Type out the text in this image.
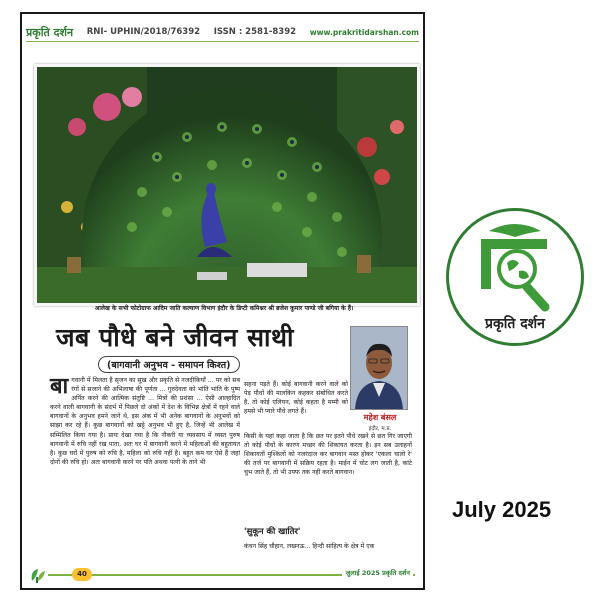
प्रकृति दर्शन RNI- UPHIN/2018/76392 ISSN : 2581-8392 www.prakritidarshan.com
आलेख के सभी फोटोग्राफ आदिम जाति कल्याण विभाग इंदौर के डिप्टी कमिश्नर श्री ब्रजेश कुमार पाण्डे जी बगिया के हैं।
जब पौधे बने जीवन साथी
(बागवानी अनुभव - समापन किश्त)
महेश बंसल
इंदौर, म.प्र.
बा गवानी में मिलता है सृजन का सुख और प्रकृति से नजदीकियाँ ... पर को सब रंगों से सजाने की अभिलाषा की पूर्णता ... गुरुदेवता को भांति भांति के पुष्प अर्पित करने की आत्मिक संतुष्टि ... मित्रों की प्रशंसा ... ऐसी आल्हादित करने वाली बागवानी के संदर्भ में पिछले दो अंकों में देश के विभिन्न क्षेत्रों में रहने वाले बागवानों के अनुभव हमने जाने थे, इस अंक में भी अनेक बागवानों के अनुभवों को साझा कर रहे हैं। कुछ बागवानों को खट्टे अनुभव भी हुए है, जिन्हें भी आलेख में सम्मिलित किया गया है। प्रायः देखा गया है कि नौकरी या व्यवसाय में व्यस्त पुरुष बागवानी में रुचि नहीं रख पाता, अतः घर में बागवानी करने में महिलाओं की बहुतायत है। कुछ घरों में पुरुष को रुचि है, महिला को रुचि नहीं है। बहुत कम घर ऐसे हैं जहां दोनों की रुचि हो। अतः बागवानी करने पर पति अथवा पत्नी के ताने भी
सहना पड़ते हैं। कोई बागवानी करने वाले को पेड़ पौधों की मालकिन कहकर संबोधित करते है, तो कोई एलियन, कोई कहता है मम्मी को हमसे भी प्यारे पौधे लगते हैं।
किसी के यहां कहा जाता है कि छत पर इतने पौधे रखने से छत गिर जाएगी तो कोई पौधों के कारण मच्छर की शिकायत करता है। इन सब उलाहनों शिकायतों मुश्किलों को नजरंदाज कर बागवान मस्त होकर 'एकला चालो रे' की तर्ज पर बागवानी में सक्रिय रहता है। माईन में चोट लग जाती है, कांटे चुभ जाते हैं, तो भी उफ्फ तक नहीं करते बागवान।
'सुकून की खातिर'
कंचन सिंह चौहान, लखनऊ... हिन्दी साहित्य के क्षेत्र में एक
40	जुलाई 2025 प्रकृति दर्शन
प्रकृति दर्शन
July 2025
